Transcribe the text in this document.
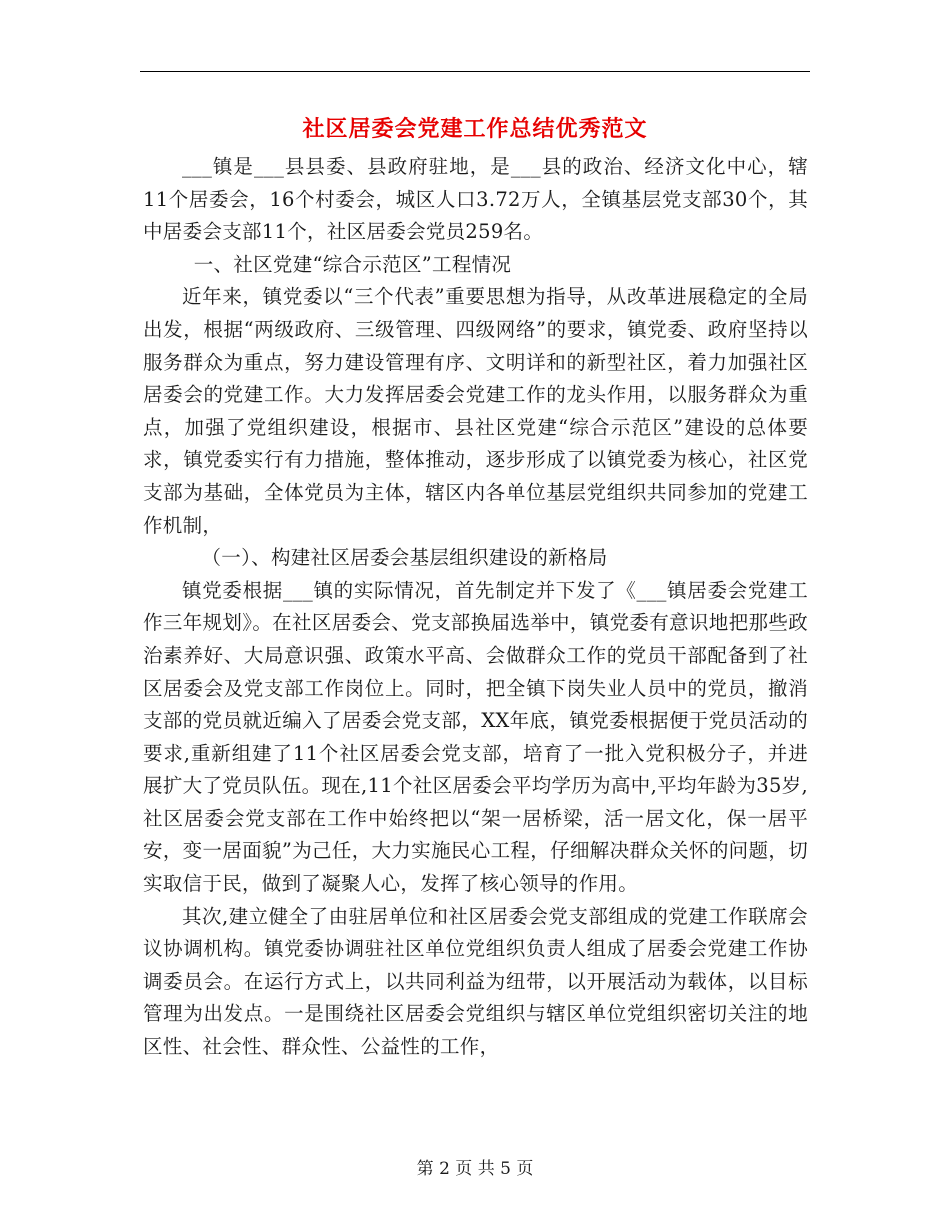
社区居委会党建工作总结优秀范文

___镇是___县县委、县政府驻地，是___县的政治、经济文化中心，辖11个居委会，16个村委会，城区人口3.72万人，全镇基层党支部30个，其中居委会支部11个，社区居委会党员259名。

一、社区党建“综合示范区”工程情况

近年来，镇党委以“三个代表”重要思想为指导，从改革进展稳定的全局出发，根据“两级政府、三级管理、四级网络”的要求，镇党委、政府坚持以服务群众为重点，努力建设管理有序、文明详和的新型社区，着力加强社区居委会的党建工作。大力发挥居委会党建工作的龙头作用，以服务群众为重点，加强了党组织建设，根据市、县社区党建“综合示范区”建设的总体要求，镇党委实行有力措施，整体推动，逐步形成了以镇党委为核心，社区党支部为基础，全体党员为主体，辖区内各单位基层党组织共同参加的党建工作机制，

（一）、构建社区居委会基层组织建设的新格局

镇党委根据___镇的实际情况，首先制定并下发了《___镇居委会党建工作三年规划》。在社区居委会、党支部换届选举中，镇党委有意识地把那些政治素养好、大局意识强、政策水平高、会做群众工作的党员干部配备到了社区居委会及党支部工作岗位上。同时，把全镇下岗失业人员中的党员，撤消支部的党员就近编入了居委会党支部，XX年底，镇党委根据便于党员活动的要求,重新组建了11个社区居委会党支部，培育了一批入党积极分子，并进展扩大了党员队伍。现在,11个社区居委会平均学历为高中,平均年龄为35岁,社区居委会党支部在工作中始终把以“架一居桥梁，活一居文化，保一居平安，变一居面貌”为己任，大力实施民心工程，仔细解决群众关怀的问题，切实取信于民，做到了凝聚人心，发挥了核心领导的作用。

其次,建立健全了由驻居单位和社区居委会党支部组成的党建工作联席会议协调机构。镇党委协调驻社区单位党组织负责人组成了居委会党建工作协调委员会。在运行方式上，以共同利益为纽带，以开展活动为载体，以目标管理为出发点。一是围绕社区居委会党组织与辖区单位党组织密切关注的地区性、社会性、群众性、公益性的工作，

第 2 页 共 5 页
